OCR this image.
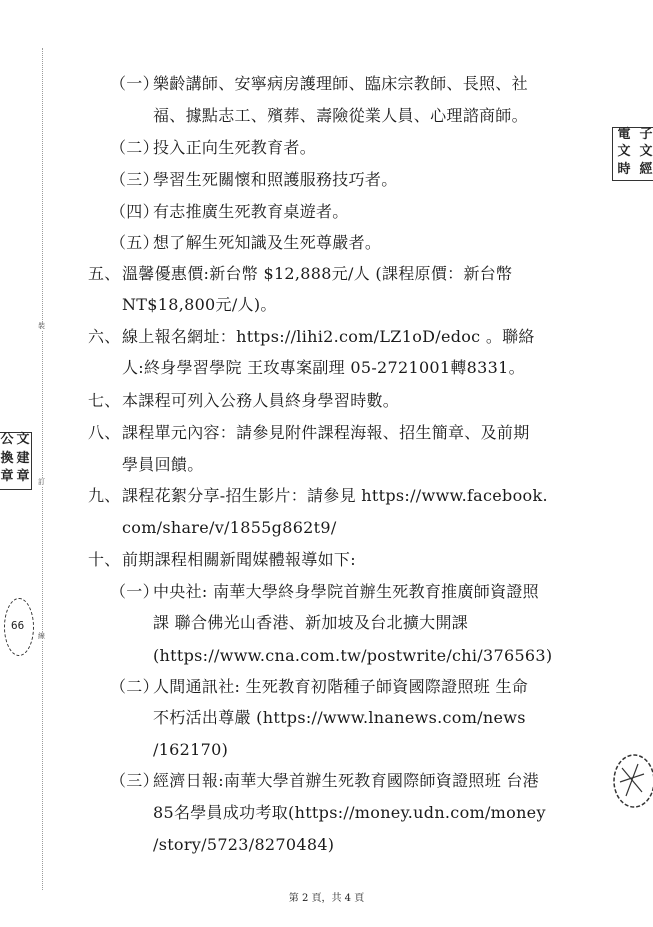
裝
訂
線
電 子
文 文
時 經
公 文
換 建
章 章
66
（一）
樂齡講師、安寧病房護理師、臨床宗教師、長照、社
福、據點志工、殯葬、壽險從業人員、心理諮商師。
（二）
投入正向生死教育者。
（三）
學習生死關懷和照護服務技巧者。
（四）
有志推廣生死教育桌遊者。
（五）
想了解生死知識及生死尊嚴者。
五、 溫馨優惠價:新台幣 $12,888元/人 (課程原價：新台幣
NT$18,800元/人)。
六、 線上報名網址：https://lihi2.com/LZ1oD/edoc 。聯絡
人:終身學習學院 王玫專案副理 05-2721001轉8331。
七、 本課程可列入公務人員終身學習時數。
八、 課程單元內容：請參見附件課程海報、招生簡章、及前期
學員回饋。
九、 課程花絮分享-招生影片：請參見 https://www.facebook.
com/share/v/1855g862t9/
十、 前期課程相關新聞媒體報導如下:
（一）
中央社: 南華大學終身學院首辦生死教育推廣師資證照
課 聯合佛光山香港、新加坡及台北擴大開課
(https://www.cna.com.tw/postwrite/chi/376563)
（二）
人間通訊社: 生死教育初階種子師資國際證照班 生命
不朽活出尊嚴 (https://www.lnanews.com/news
/162170)
（三）
經濟日報:南華大學首辦生死教育國際師資證照班 台港
85名學員成功考取(https://money.udn.com/money
/story/5723/8270484)
第 2 頁，共 4 頁
